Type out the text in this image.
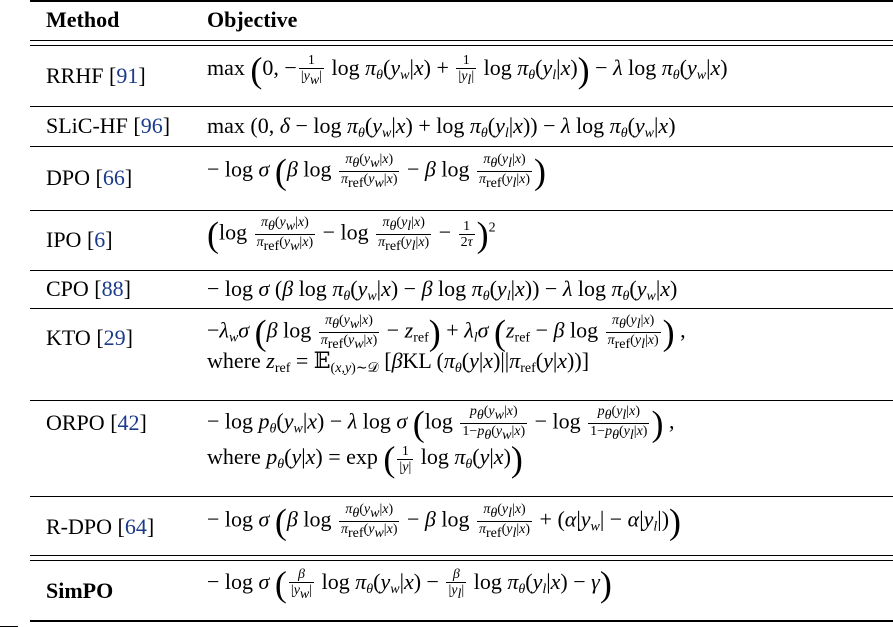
Method	Objective
RRHF [91]
SLiC-HF [96]
DPO [66]
IPO [6]
CPO [88]
KTO [29]
ORPO [42]
R-DPO [64]
SimPO
max (0, − $\frac{1}{|yw|}$ $\log \pi_\theta(y_w|x) + \frac{1}{|yl|}$ $\log \pi_\theta(y_l|x)) - \lambda$ $\log \pi_\theta(y_w|x)$
max (0, $\delta - \log \pi_\theta(y_w|x) + \log \pi_\theta(y_l|x)) - \lambda$ $\log \pi_\theta(y_w|x)$
− log σ (β $\log \frac{\pi\theta(yw|x)}{\text{πref(yw|x)}} - \beta$ $\log \frac{\pi\theta(yl|x)}{\text{πref(yl|x)}}$ )
$(\log \frac{\pi\theta(yw|x)}{\text{πref(yw|x)}} - \log \frac{\pi\theta(yl|x)}{\text{πref(yl|x)}} - \frac{1}{2\tau} )^2$
− log σ (β $\log \pi_\theta(y_w|x) - \beta$ $\log \pi_\theta(y_l|x)) - \lambda$ $\log \pi_\theta(y_w|x)$
$-\lambda_w\sigma$ (β $\log \frac{\pi\theta(yw|x)}{\text{πref(yw|x)}} - z_{ref}) + \lambda_l\sigma$ ($z_{ref} - \beta$ $\log \frac{\pi\theta(yl|x)}{\text{πref(yl|x)}}$ ) ,
where $z_{ref}$ = 𝔼$_{(x,y)\sim 𝒟}$ [βKL $(\pi_\theta(y|x)||\pi_{ref}(y|x))$]
− $\log p_\theta(y_w|x) - \lambda$ log σ ($\log \frac{p\theta(yw|x)}{1-p\theta(yw|x)} - \log \frac{p\theta(yl|x)}{1-p\theta(yl|x)}$ ) ,
where $p_\theta(y|x) = \exp$ ( $\frac{1}{|y|}$ $\log \pi_\theta(y|x)$)
− log σ (β $\log \frac{\pi\theta(yw|x)}{\text{πref(yw|x)}} - \beta$ $\log \frac{\pi\theta(yl|x)}{\text{πref(yl|x)}} + (\alpha|y_w| - \alpha|y_l|)$)
− log σ ( $\frac{\beta}{|yw|}$ $\log \pi_\theta(y_w|x) - \frac{\beta}{|yl|}$ $\log \pi_\theta(y_l|x) - \gamma$)
